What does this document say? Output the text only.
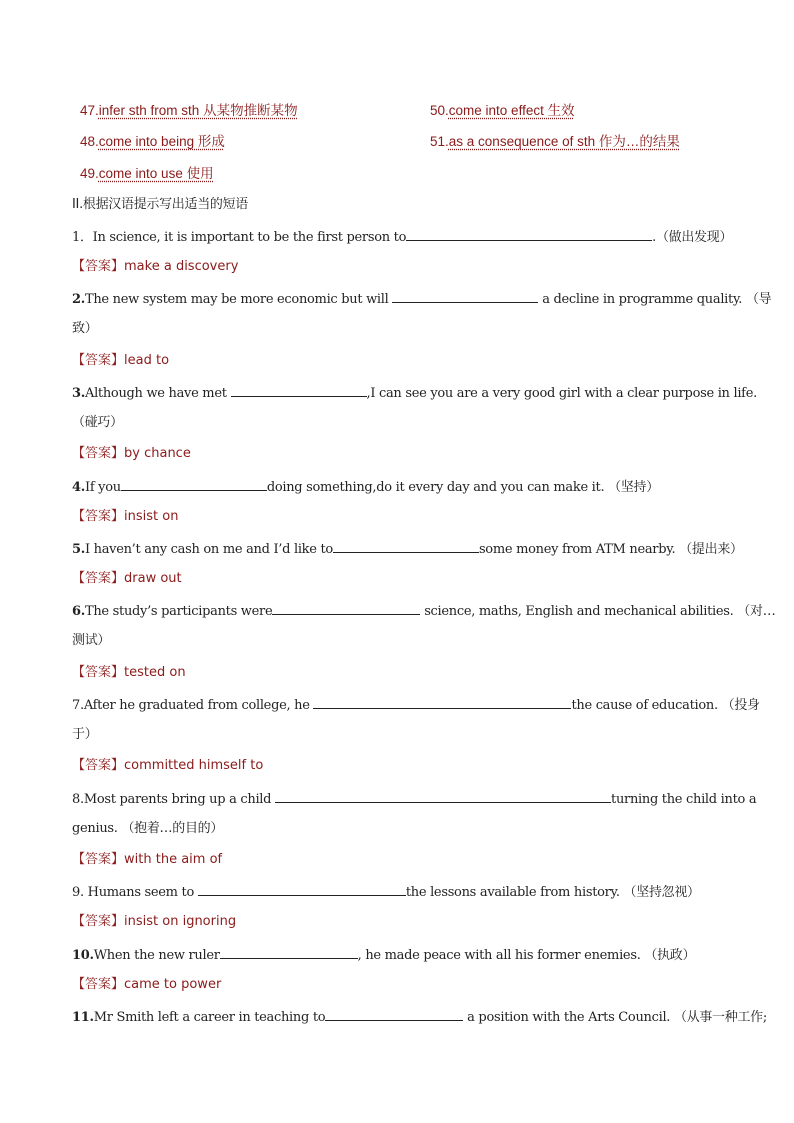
47.infer sth from sth 从某物推断某物
48.come into being 形成
49.come into use 使用
50.come into effect 生效
51.as a consequence of sth 作为…的结果
II.根据汉语提示写出适当的短语
1．In science, it is important to be the first person to	.（做出发现）
【答案】make a discovery
2.The new system may be more economic but will	a decline in programme quality. （导
致）
【答案】lead to
3.Although we have met	,I can see you are a very good girl with a clear purpose in life.
（碰巧）
【答案】by chance
4.If you	doing something,do it every day and you can make it. （坚持）
【答案】insist on
5.I haven’t any cash on me and I’d like to	some money from ATM nearby. （提出来）
【答案】draw out
6.The study’s participants were	science, maths, English and mechanical abilities. （对…
测试）
【答案】tested on
7.After he graduated from college, he	the cause of education. （投身
于）
【答案】committed himself to
8.Most parents bring up a child	turning the child into a
genius. （抱着…的目的）
【答案】with the aim of
9. Humans seem to	the lessons available from history. （坚持忽视）
【答案】insist on ignoring
10.When the new ruler	, he made peace with all his former enemies. （执政）
【答案】came to power
11.Mr Smith left a career in teaching to	a position with the Arts Council. （从事一种工作;
